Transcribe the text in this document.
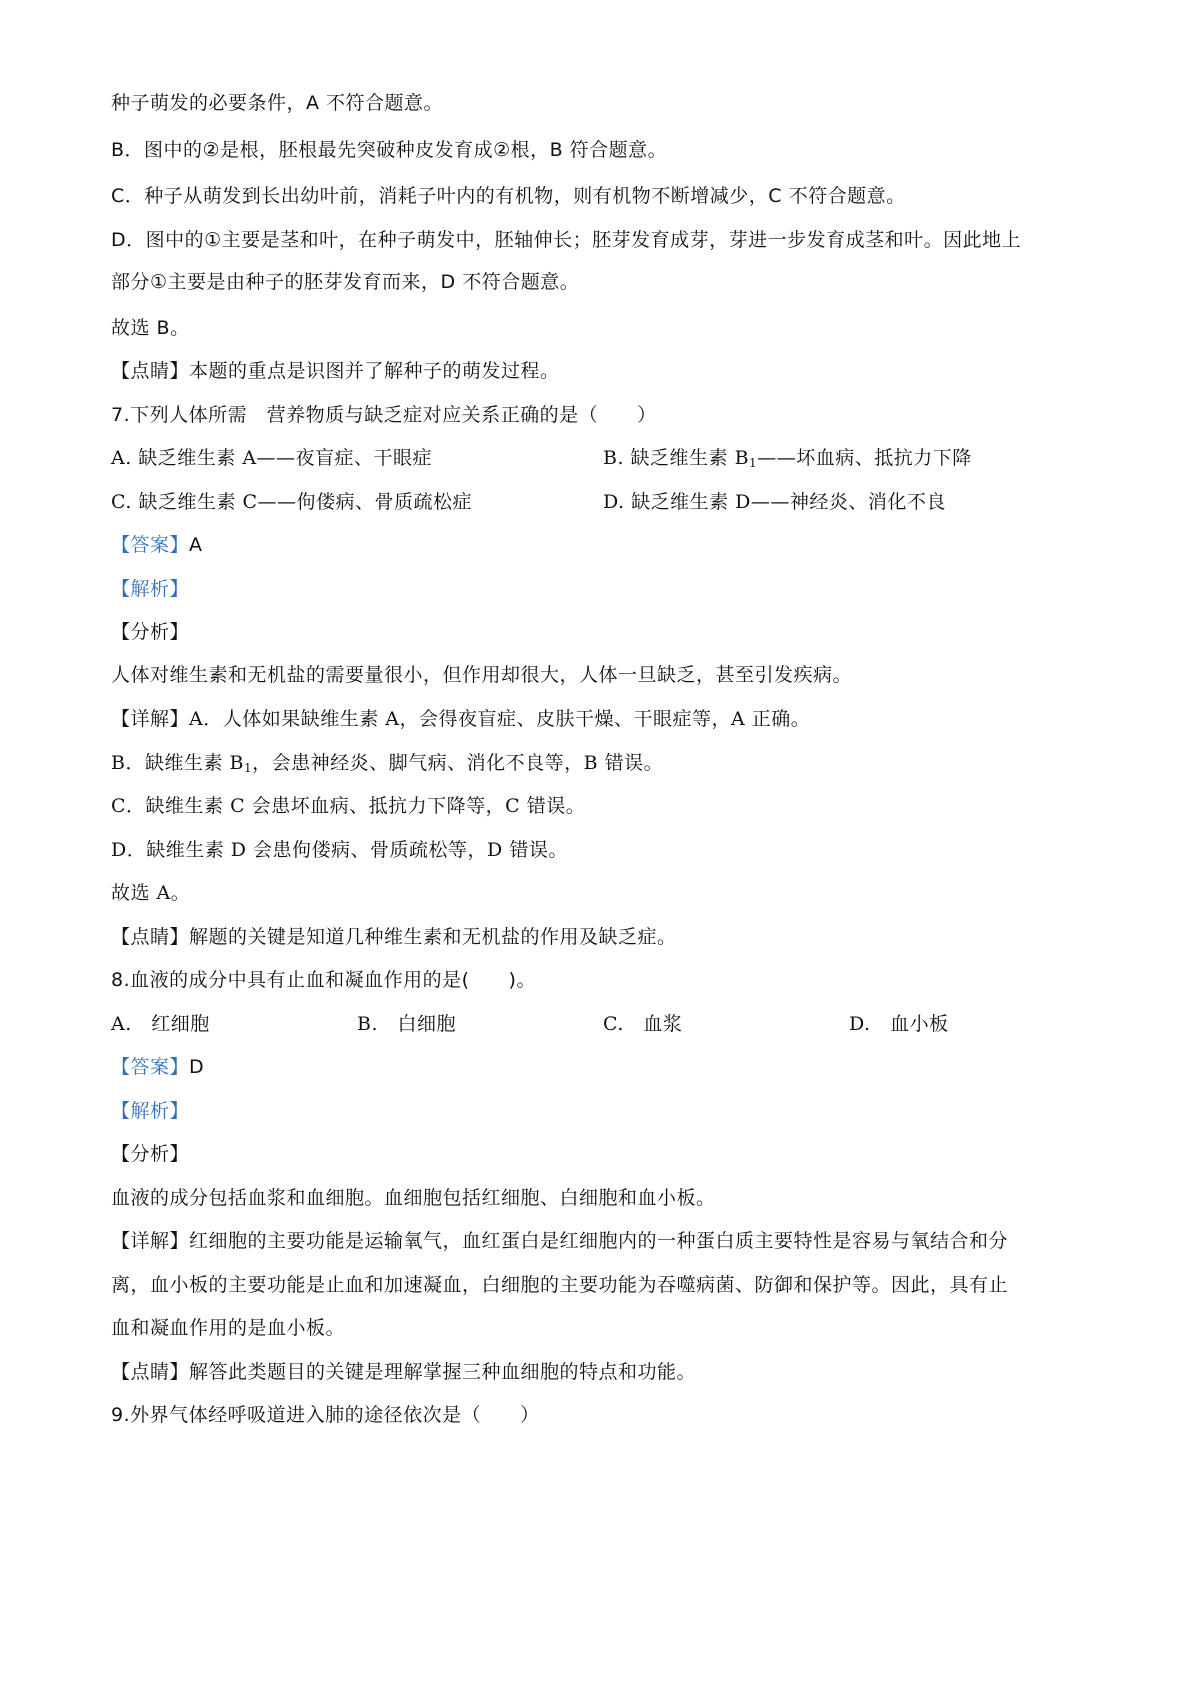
种子萌发的必要条件，A 不符合题意。
B．图中的②是根，胚根最先突破种皮发育成②根，B 符合题意。
C．种子从萌发到长出幼叶前，消耗子叶内的有机物，则有机物不断增减少，C 不符合题意。
D．图中的①主要是茎和叶，在种子萌发中，胚轴伸长；胚芽发育成芽，芽进一步发育成茎和叶。因此地上
部分①主要是由种子的胚芽发育而来，D 不符合题意。
故选 B。
【点睛】本题的重点是识图并了解种子的萌发过程。
7.下列人体所需　营养物质与缺乏症对应关系正确的是（　　）
A. 缺乏维生素 A——夜盲症、干眼症	B. 缺乏维生素 $B_1——$坏血病、抵抗力下降
C. 缺乏维生素 C——佝偻病、骨质疏松症	D. 缺乏维生素 D——神经炎、消化不良
【答案】A
【解析】
【分析】
人体对维生素和无机盐的需要量很小，但作用却很大，人体一旦缺乏，甚至引发疾病。
【详解】A．人体如果缺维生素 A，会得夜盲症、皮肤干燥、干眼症等，A 正确。
B．缺维生素 $B_1$，会患神经炎、脚气病、消化不良等，B 错误。
C．缺维生素 C 会患坏血病、抵抗力下降等，C 错误。
D．缺维生素 D 会患佝偻病、骨质疏松等，D 错误。
故选 A。
【点睛】解题的关键是知道几种维生素和无机盐的作用及缺乏症。
8.血液的成分中具有止血和凝血作用的是(　　)。
A.　红细胞	B.　白细胞	C.　血浆	D.　血小板
【答案】D
【解析】
【分析】
血液的成分包括血浆和血细胞。血细胞包括红细胞、白细胞和血小板。
【详解】红细胞的主要功能是运输氧气，血红蛋白是红细胞内的一种蛋白质主要特性是容易与氧结合和分
离，血小板的主要功能是止血和加速凝血，白细胞的主要功能为吞噬病菌、防御和保护等。因此，具有止
血和凝血作用的是血小板。
【点睛】解答此类题目的关键是理解掌握三种血细胞的特点和功能。
9.外界气体经呼吸道进入肺的途径依次是（　　）
